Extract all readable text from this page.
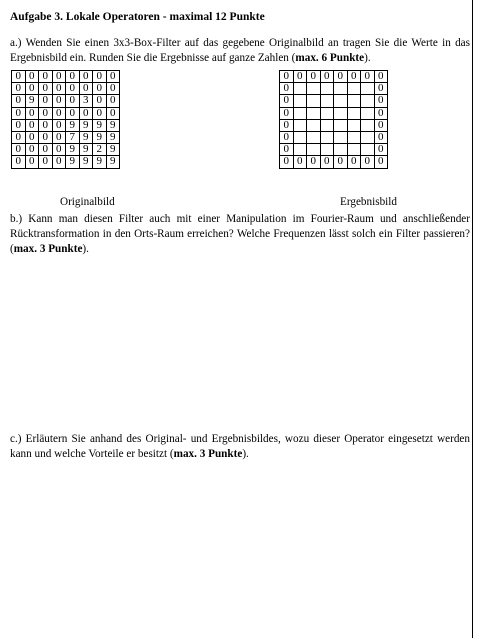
Aufgabe 3. Lokale Operatoren - maximal 12 Punkte
a.) Wenden Sie einen 3x3-Box-Filter auf das gegebene Originalbild an tragen Sie die Werte in das Ergebnisbild ein. Runden Sie die Ergebnisse auf ganze Zahlen (max. 6 Punkte).
0	0	0	0	0	0	0	0
0	0	0	0	0	0	0	0
0	9	0	0	0	3	0	0
0	0	0	0	0	0	0	0
0	0	0	0	9	9	9	9
0	0	0	0	7	9	9	9
0	0	0	0	9	9	2	9
0	0	0	0	9	9	9	9
0	0	0	0	0	0	0	0
0							0
0							0
0							0
0							0
0							0
0							0
0	0	0	0	0	0	0	0
Originalbild	Ergebnisbild
b.) Kann man diesen Filter auch mit einer Manipulation im Fourier-Raum und anschließender Rücktransformation in den Orts-Raum erreichen? Welche Frequenzen lässt solch ein Filter passieren? (max. 3 Punkte).
c.) Erläutern Sie anhand des Original- und Ergebnisbildes, wozu dieser Operator eingesetzt werden kann und welche Vorteile er besitzt (max. 3 Punkte).
